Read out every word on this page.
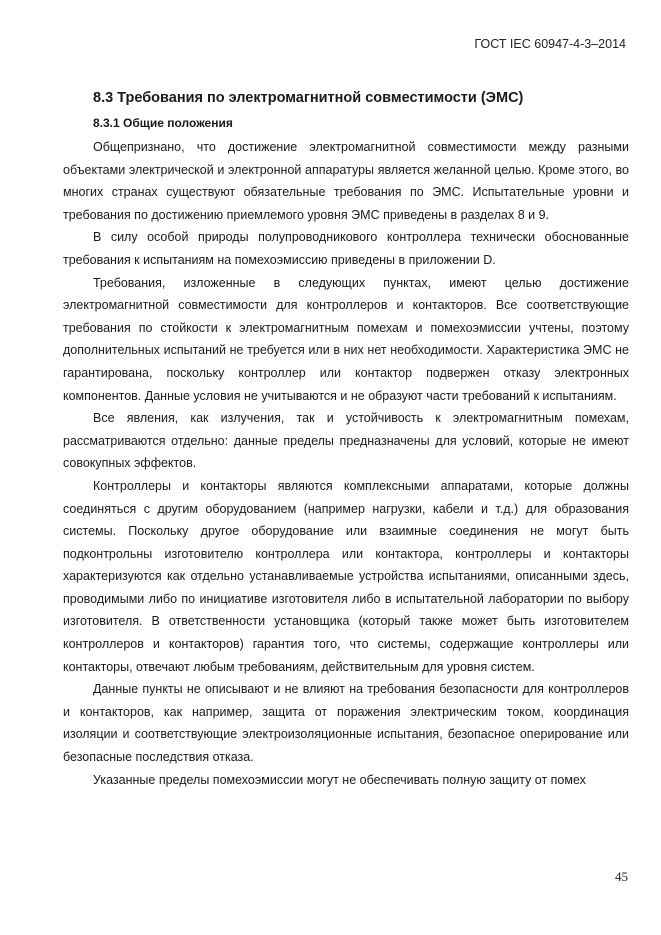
ГОСТ IEC 60947-4-3–2014
8.3 Требования по электромагнитной совместимости (ЭМС)
8.3.1 Общие положения

Общепризнано, что достижение электромагнитной совместимости между разными объектами электрической и электронной аппаратуры является желанной целью. Кроме этого, во многих странах существуют обязательные требования по ЭМС. Испытательные уровни и требования по достижению приемлемого уровня ЭМС приведены в разделах 8 и 9.

В силу особой природы полупроводникового контроллера технически обоснованные требования к испытаниям на помехоэмиссию приведены в приложении D.

Требования, изложенные в следующих пунктах, имеют целью достижение электромагнитной совместимости для контроллеров и контакторов. Все соответствующие требования по стойкости к электромагнитным помехам и помехоэмиссии учтены, поэтому дополнительных испытаний не требуется или в них нет необходимости. Характеристика ЭМС не гарантирована, поскольку контроллер или контактор подвержен отказу электронных компонентов. Данные условия не учитываются и не образуют части требований к испытаниям.

Все явления, как излучения, так и устойчивость к электромагнитным помехам, рассматриваются отдельно: данные пределы предназначены для условий, которые не имеют совокупных эффектов.

Контроллеры и контакторы являются комплексными аппаратами, которые должны соединяться с другим оборудованием (например нагрузки, кабели и т.д.) для образования системы. Поскольку другое оборудование или взаимные соединения не могут быть подконтрольны изготовителю контроллера или контактора, контроллеры и контакторы характеризуются как отдельно устанавливаемые устройства испытаниями, описанными здесь, проводимыми либо по инициативе изготовителя либо в испытательной лаборатории по выбору изготовителя. В ответственности установщика (который также может быть изготовителем контроллеров и контакторов) гарантия того, что системы, содержащие контроллеры или контакторы, отвечают любым требованиям, действительным для уровня систем.

Данные пункты не описывают и не влияют на требования безопасности для контроллеров и контакторов, как например, защита от поражения электрическим током, координация изоляции и соответствующие электроизоляционные испытания, безопасное оперирование или безопасные последствия отказа.

Указанные пределы помехоэмиссии могут не обеспечивать полную защиту от помех

45
